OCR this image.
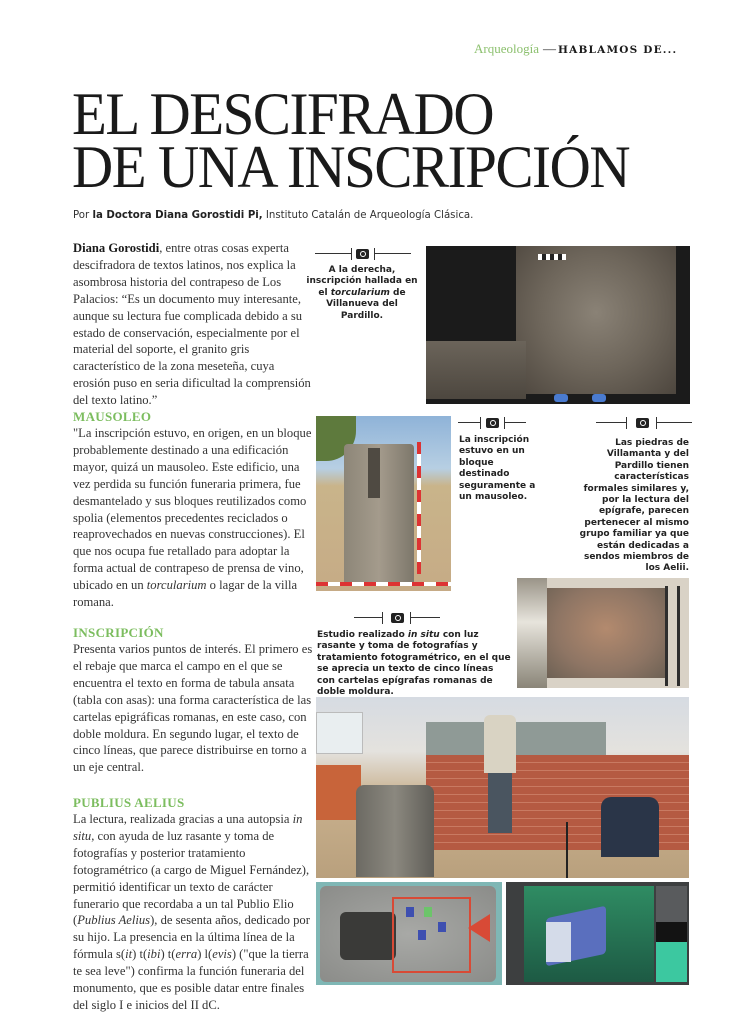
Arqueología — HABLAMOS DE...
EL DESCIFRADO
DE UNA INSCRIPCIÓN
Por la Doctora Diana Gorostidi Pi, Instituto Catalán de Arqueología Clásica.
Diana Gorostidi, entre otras cosas experta descifradora de textos latinos, nos explica la asombrosa historia del contrapeso de Los Palacios: “Es un documento muy interesante, aunque su lectura fue complicada debido a su estado de conservación, especialmente por el material del soporte, el granito gris característico de la zona meseteña, cuya erosión puso en seria dificultad la comprensión del texto latino.”
MAUSOLEO
"La inscripción estuvo, en origen, en un bloque probablemente destinado a una edificación mayor, quizá un mausoleo. Este edificio, una vez perdida su función funeraria primera, fue desmantelado y sus bloques reutilizados como spolia (elementos precedentes reciclados o reaprovechados en nuevas construcciones). El que nos ocupa fue retallado para adoptar la forma actual de contrapeso de prensa de vino, ubicado en un torcularium o lagar de la villa romana.
INSCRIPCIÓN
Presenta varios puntos de interés. El primero es el rebaje que marca el campo en el que se encuentra el texto en forma de tabula ansata (tabla con asas): una forma característica de las cartelas epigráficas romanas, en este caso, con doble moldura. En segundo lugar, el texto de cinco líneas, que parece distribuirse en torno a un eje central.
PUBLIUS AELIUS
La lectura, realizada gracias a una autopsia in situ, con ayuda de luz rasante y toma de fotografías y posterior tratamiento fotogramétrico (a cargo de Miguel Fernández), permitió identificar un texto de carácter funerario que recordaba a un tal Publio Elio (Publius Aelius), de sesenta años, dedicado por su hijo. La presencia en la última línea de la fórmula s(it) t(ibi) t(erra) l(evis) ("que la tierra te sea leve") confirma la función funeraria del monumento, que es posible datar entre finales del siglo I e inicios del II dC.
A la derecha, inscripción hallada en el torcularium de Villanueva del Pardillo.
La inscripción estuvo en un bloque destinado seguramente a un mausoleo.
Las piedras de Villamanta y del Pardillo tienen características formales similares y, por la lectura del epígrafe, parecen pertenecer al mismo grupo familiar ya que están dedicadas a sendos miembros de los Aelii.
Estudio realizado in situ con luz rasante y toma de fotografías y tratamiento fotogramétrico, en el que se aprecia un texto de cinco líneas con cartelas epígrafas romanas de doble moldura.
